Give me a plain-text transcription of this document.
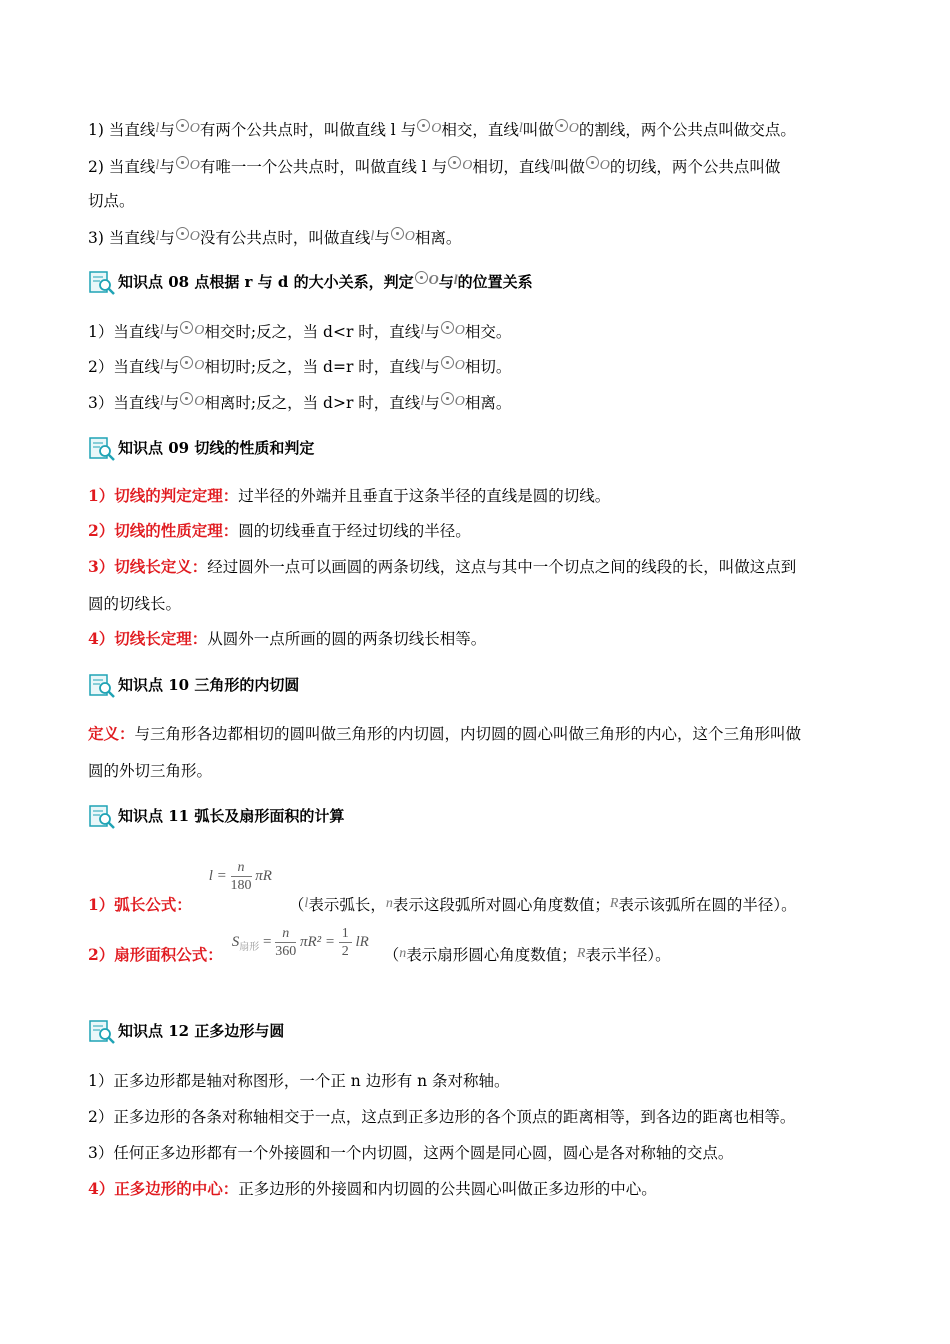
1) 当直线l与 O有两个公共点时，叫做直线 l 与 O相交，直线l叫做 O的割线，两个公共点叫做交点。
2) 当直线l与 O有唯一一个公共点时，叫做直线 l 与 O相切，直线l叫做 O的切线，两个公共点叫做
切点。
3) 当直线l与 O没有公共点时，叫做直线l与 O相离。
知识点 08 点根据 r 与 d 的大小关系，判定 O与l的位置关系
1）当直线l与 O相交时;反之，当 d<r 时，直线l与 O相交。
2）当直线l与 O相切时;反之，当 d=r 时，直线l与 O相切。
3）当直线l与 O相离时;反之，当 d>r 时，直线l与 O相离。
知识点 09 切线的性质和判定
1）切线的判定定理：过半径的外端并且垂直于这条半径的直线是圆的切线。
2）切线的性质定理：圆的切线垂直于经过切线的半径。
3）切线长定义：经过圆外一点可以画圆的两条切线，这点与其中一个切点之间的线段的长，叫做这点到
圆的切线长。
4）切线长定理：从圆外一点所画的圆的两条切线长相等。
知识点 10 三角形的内切圆
定义：与三角形各边都相切的圆叫做三角形的内切圆，内切圆的圆心叫做三角形的内心，这个三角形叫做
圆的外切三角形。
知识点 11 弧长及扇形面积的计算
1）弧长公式： $l = \frac{n}{180}$ πR （l表示弧长，n表示这段弧所对圆心角度数值；R表示该弧所在圆的半径）。
2）扇形面积公式： $S_{扇形} = \frac{n}{360} \pi R^2 = \frac{1}{2}$ lR （n表示扇形圆心角度数值；R表示半径）。
知识点 12 正多边形与圆
1）正多边形都是轴对称图形，一个正 n 边形有 n 条对称轴。
2）正多边形的各条对称轴相交于一点，这点到正多边形的各个顶点的距离相等，到各边的距离也相等。
3）任何正多边形都有一个外接圆和一个内切圆，这两个圆是同心圆，圆心是各对称轴的交点。
4）正多边形的中心：正多边形的外接圆和内切圆的公共圆心叫做正多边形的中心。
